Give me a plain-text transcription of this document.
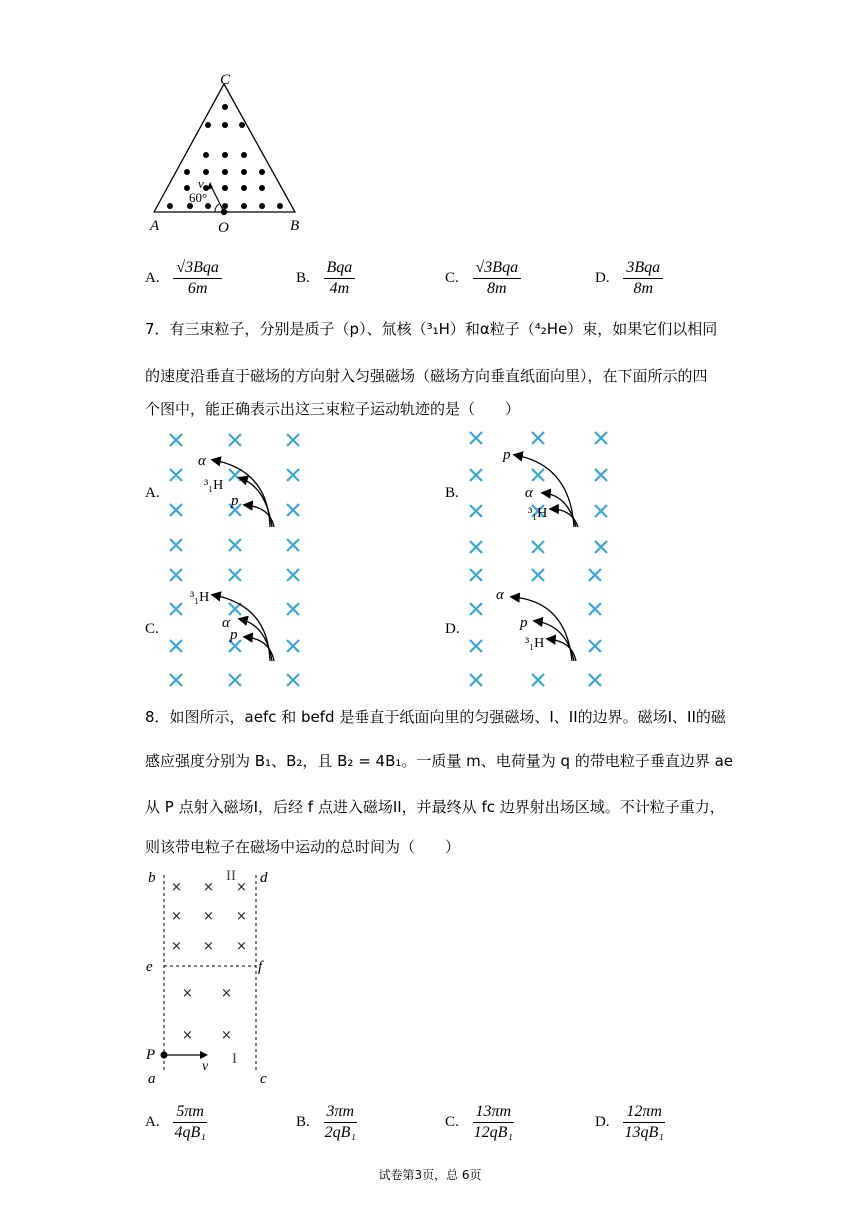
A	B
C
O
v
60°
A. $\frac{\text{√3Bqa}}{6m}$	B. $\frac{\text{Bqa}}{4m}$	C. $\frac{\text{√3Bqa}}{8m}$	D. $\frac{\text{3Bqa}}{8m}$
7．有三束粒子，分别是质子（p）、氚核（³₁H）和α粒子（⁴₂He）束，如果它们以相同
的速度沿垂直于磁场的方向射入匀强磁场（磁场方向垂直纸面向里），在下面所示的四
个图中，能正确表示出这三束粒子运动轨迹的是（　　）
α
³₁H
p
p
α
³₁H
³₁H
α
p
α
p
³₁H
A.	B.
C.	D.
8．如图所示，aefc 和 befd 是垂直于纸面向里的匀强磁场、I、II的边界。磁场I、II的磁
感应强度分别为 B₁、B₂，且 B₂ = 4B₁。一质量 m、电荷量为 q 的带电粒子垂直边界 ae
从 P 点射入磁场I，后经 f 点进入磁场II，并最终从 fc 边界射出场区域。不计粒子重力，
则该带电粒子在磁场中运动的总时间为（　　）
× × ×
× × ×
× × ×
× ×
× ×
b	d
e	f
a	c
P
v I
II
A. $\frac{5\pi m}{\text{4qB₁}}$	B. $\frac{3\pi m}{\text{2qB₁}}$	C. $\frac{13\pi m}{\text{12qB₁}}$	D. $\frac{12\pi m}{\text{13qB₁}}$
试卷第3页，总 6页
